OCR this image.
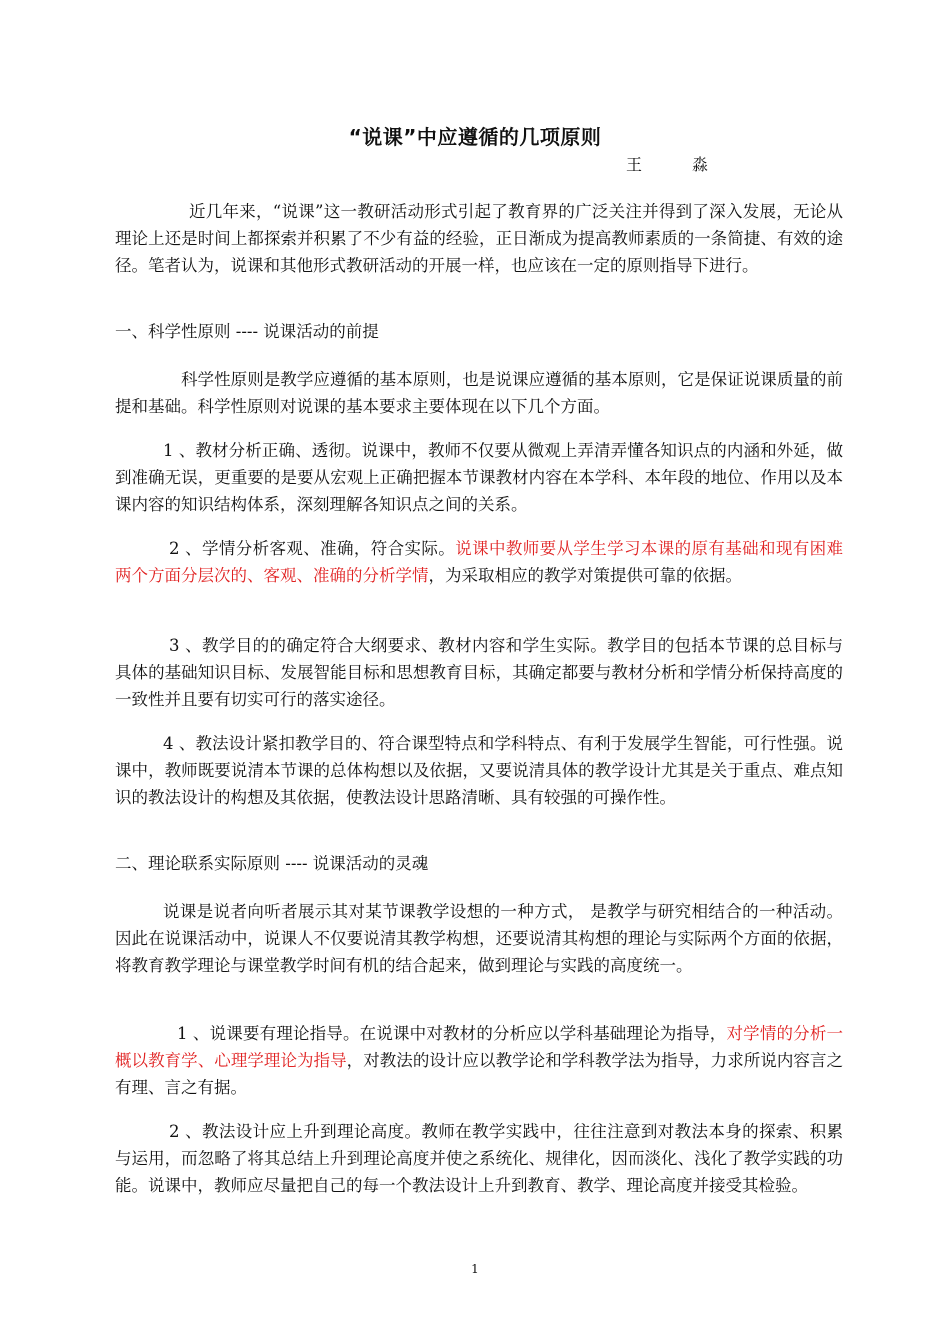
“说课”中应遵循的几项原则
王	淼

近几年来，“说课”这一教研活动形式引起了教育界的广泛关注并得到了深入发展，无论从理论上还是时间上都探索并积累了不少有益的经验，正日渐成为提高教师素质的一条简捷、有效的途径。笔者认为，说课和其他形式教研活动的开展一样，也应该在一定的原则指导下进行。

一、科学性原则 ---- 说课活动的前提

科学性原则是教学应遵循的基本原则，也是说课应遵循的基本原则，它是保证说课质量的前提和基础。科学性原则对说课的基本要求主要体现在以下几个方面。

1 、教材分析正确、透彻。说课中，教师不仅要从微观上弄清弄懂各知识点的内涵和外延，做到准确无误，更重要的是要从宏观上正确把握本节课教材内容在本学科、本年段的地位、作用以及本课内容的知识结构体系，深刻理解各知识点之间的关系。

2 、学情分析客观、准确，符合实际。说课中教师要从学生学习本课的原有基础和现有困难两个方面分层次的、客观、准确的分析学情，为采取相应的教学对策提供可靠的依据。

3 、教学目的的确定符合大纲要求、教材内容和学生实际。教学目的包括本节课的总目标与具体的基础知识目标、发展智能目标和思想教育目标，其确定都要与教材分析和学情分析保持高度的一致性并且要有切实可行的落实途径。

4 、教法设计紧扣教学目的、符合课型特点和学科特点、有利于发展学生智能，可行性强。说课中，教师既要说清本节课的总体构想以及依据，又要说清具体的教学设计尤其是关于重点、难点知识的教法设计的构想及其依据，使教法设计思路清晰、具有较强的可操作性。

二、理论联系实际原则 ---- 说课活动的灵魂

说课是说者向听者展示其对某节课教学设想的一种方式， 是教学与研究相结合的一种活动。因此在说课活动中，说课人不仅要说清其教学构想，还要说清其构想的理论与实际两个方面的依据，将教育教学理论与课堂教学时间有机的结合起来，做到理论与实践的高度统一。

1 、说课要有理论指导。在说课中对教材的分析应以学科基础理论为指导，对学情的分析一概以教育学、心理学理论为指导，对教法的设计应以教学论和学科教学法为指导，力求所说内容言之有理、言之有据。

2 、教法设计应上升到理论高度。教师在教学实践中，往往注意到对教法本身的探索、积累与运用，而忽略了将其总结上升到理论高度并使之系统化、规律化，因而淡化、浅化了教学实践的功能。说课中，教师应尽量把自己的每一个教法设计上升到教育、教学、理论高度并接受其检验。

1
